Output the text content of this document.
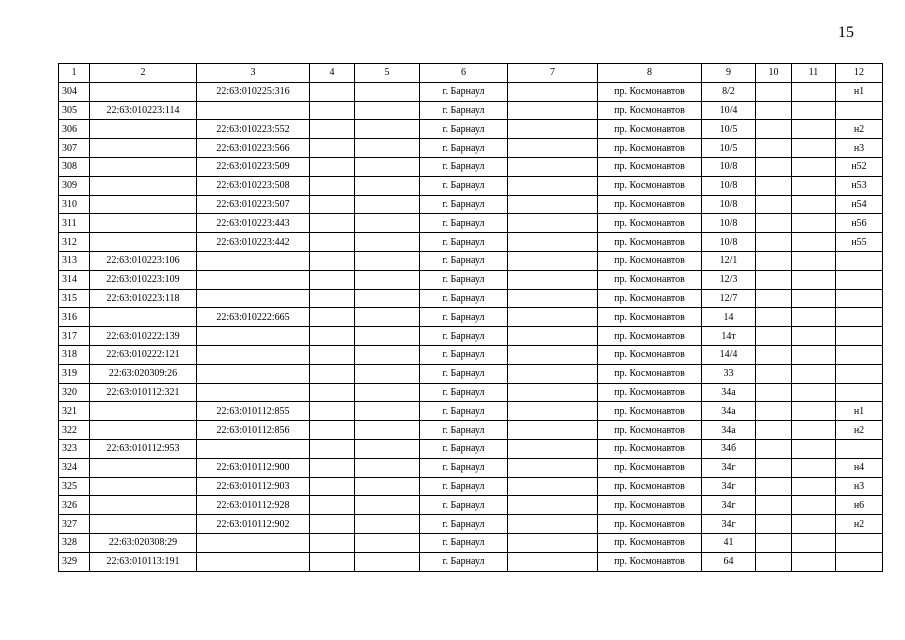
15
1	2	3	4	5	6	7	8	9	10	11	12
304		22:63:010225:316			г. Барнаул		пр. Космонавтов	8/2			н1
305	22:63:010223:114				г. Барнаул		пр. Космонавтов	10/4			
306		22:63:010223:552			г. Барнаул		пр. Космонавтов	10/5			н2
307		22:63:010223:566			г. Барнаул		пр. Космонавтов	10/5			н3
308		22:63:010223:509			г. Барнаул		пр. Космонавтов	10/8			н52
309		22:63:010223:508			г. Барнаул		пр. Космонавтов	10/8			н53
310		22:63:010223:507			г. Барнаул		пр. Космонавтов	10/8			н54
311		22:63:010223:443			г. Барнаул		пр. Космонавтов	10/8			н56
312		22:63:010223:442			г. Барнаул		пр. Космонавтов	10/8			н55
313	22:63:010223:106				г. Барнаул		пр. Космонавтов	12/1			
314	22:63:010223:109				г. Барнаул		пр. Космонавтов	12/3			
315	22:63:010223:118				г. Барнаул		пр. Космонавтов	12/7			
316		22:63:010222:665			г. Барнаул		пр. Космонавтов	14			
317	22:63:010222:139				г. Барнаул		пр. Космонавтов	14т			
318	22:63:010222:121				г. Барнаул		пр. Космонавтов	14/4			
319	22:63:020309:26				г. Барнаул		пр. Космонавтов	33			
320	22:63:010112:321				г. Барнаул		пр. Космонавтов	34а			
321		22:63:010112:855			г. Барнаул		пр. Космонавтов	34а			н1
322		22:63:010112:856			г. Барнаул		пр. Космонавтов	34а			н2
323	22:63:010112:953				г. Барнаул		пр. Космонавтов	34б			
324		22:63:010112:900			г. Барнаул		пр. Космонавтов	34г			н4
325		22:63:010112:903			г. Барнаул		пр. Космонавтов	34г			н3
326		22:63:010112:928			г. Барнаул		пр. Космонавтов	34г			н6
327		22:63:010112:902			г. Барнаул		пр. Космонавтов	34г			н2
328	22:63:020308:29				г. Барнаул		пр. Космонавтов	41			
329	22:63:010113:191				г. Барнаул		пр. Космонавтов	64			
